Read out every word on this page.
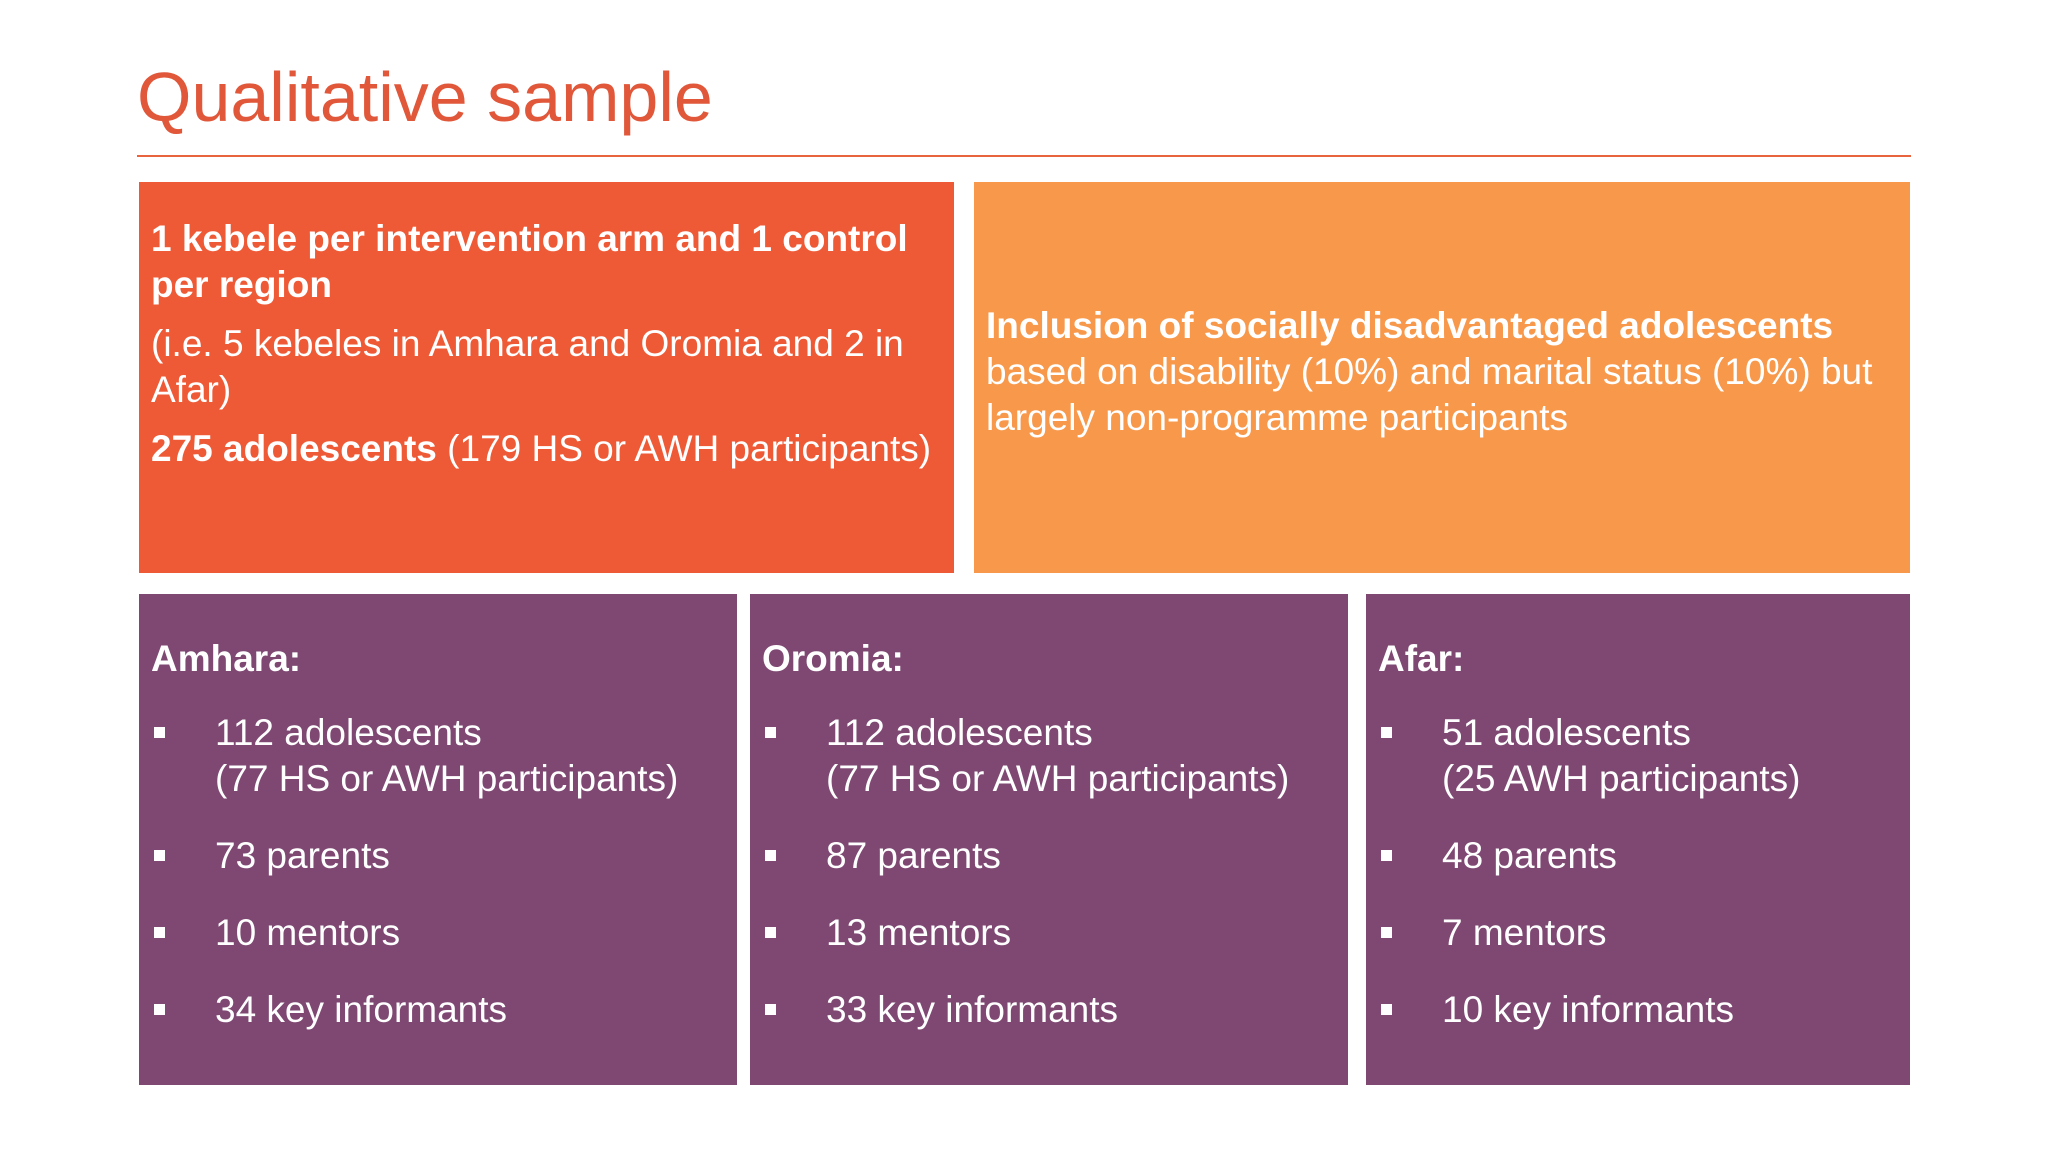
Qualitative sample

1 kebele per intervention arm and 1 control per region

(i.e. 5 kebeles in Amhara and Oromia and 2 in Afar)

275 adolescents (179 HS or AWH participants)

Inclusion of socially disadvantaged adolescents

based on disability (10%) and marital status (10%) but largely non-programme participants

Amhara:

112 adolescents
(77 HS or AWH participants)
73 parents
10 mentors
34 key informants

Oromia:

112 adolescents
(77 HS or AWH participants)
87 parents
13 mentors
33 key informants

Afar:

51 adolescents
(25 AWH participants)
48 parents
7 mentors
10 key informants
